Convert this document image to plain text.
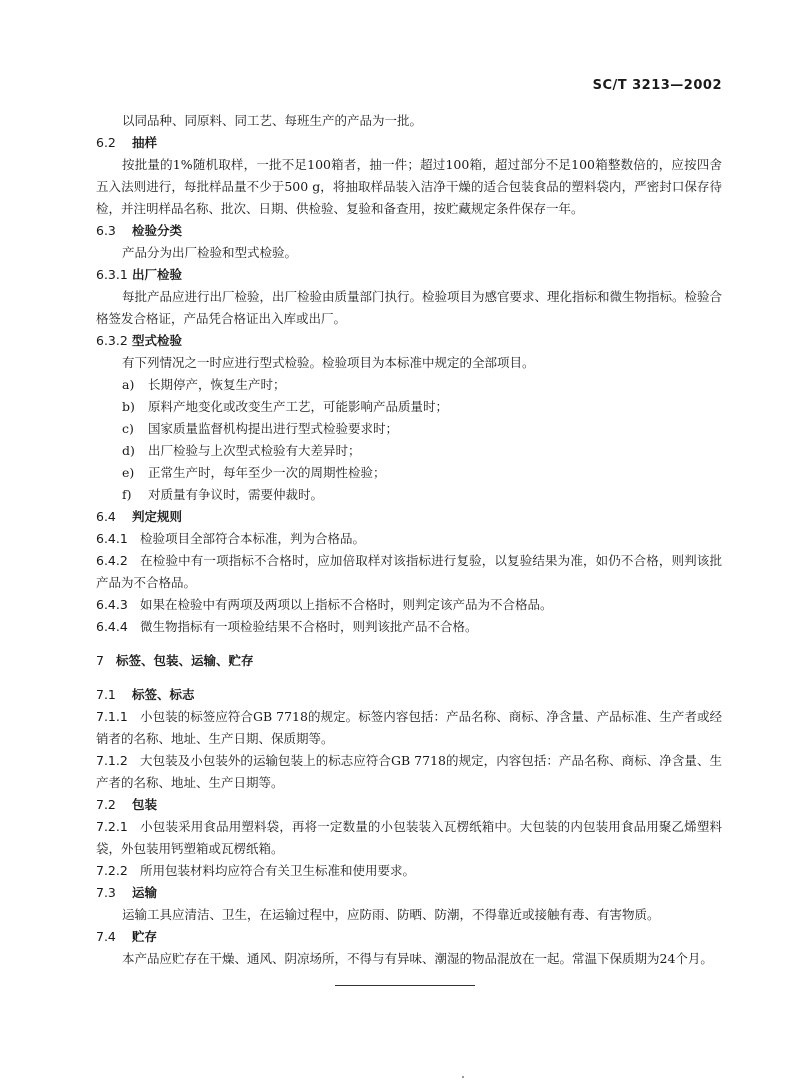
SC/T 3213—2002

以同品种、同原料、同工艺、每班生产的产品为一批。

6.2 抽样

按批量的1%随机取样，一批不足100箱者，抽一件；超过100箱，超过部分不足100箱整数倍的，应按四舍五入法则进行，每批样品量不少于500 g，将抽取样品装入洁净干燥的适合包装食品的塑料袋内，严密封口保存待检，并注明样品名称、批次、日期、供检验、复验和备查用，按贮藏规定条件保存一年。

6.3 检验分类

产品分为出厂检验和型式检验。

6.3.1 出厂检验

每批产品应进行出厂检验，出厂检验由质量部门执行。检验项目为感官要求、理化指标和微生物指标。检验合格签发合格证，产品凭合格证出入库或出厂。

6.3.2 型式检验

有下列情况之一时应进行型式检验。检验项目为本标准中规定的全部项目。

a) 长期停产，恢复生产时；

b) 原料产地变化或改变生产工艺，可能影响产品质量时；

c) 国家质量监督机构提出进行型式检验要求时；

d) 出厂检验与上次型式检验有大差异时；

e) 正常生产时，每年至少一次的周期性检验；

f) 对质量有争议时，需要仲裁时。

6.4 判定规则

6.4.1 检验项目全部符合本标准，判为合格品。

6.4.2 在检验中有一项指标不合格时，应加倍取样对该指标进行复验，以复验结果为准，如仍不合格，则判该批产品为不合格品。

6.4.3 如果在检验中有两项及两项以上指标不合格时，则判定该产品为不合格品。

6.4.4 微生物指标有一项检验结果不合格时，则判该批产品不合格。

7 标签、包装、运输、贮存

7.1 标签、标志

7.1.1 小包装的标签应符合GB 7718的规定。标签内容包括：产品名称、商标、净含量、产品标准、生产者或经销者的名称、地址、生产日期、保质期等。

7.1.2 大包装及小包装外的运输包装上的标志应符合GB 7718的规定，内容包括：产品名称、商标、净含量、生产者的名称、地址、生产日期等。

7.2 包装

7.2.1 小包装采用食品用塑料袋，再将一定数量的小包装装入瓦楞纸箱中。大包装的内包装用食品用聚乙烯塑料袋，外包装用钙塑箱或瓦楞纸箱。

7.2.2 所用包装材料均应符合有关卫生标准和使用要求。

7.3 运输

运输工具应清洁、卫生，在运输过程中，应防雨、防晒、防潮，不得靠近或接触有毒、有害物质。

7.4 贮存

本产品应贮存在干燥、通风、阴凉场所，不得与有异味、潮湿的物品混放在一起。常温下保质期为24个月。
